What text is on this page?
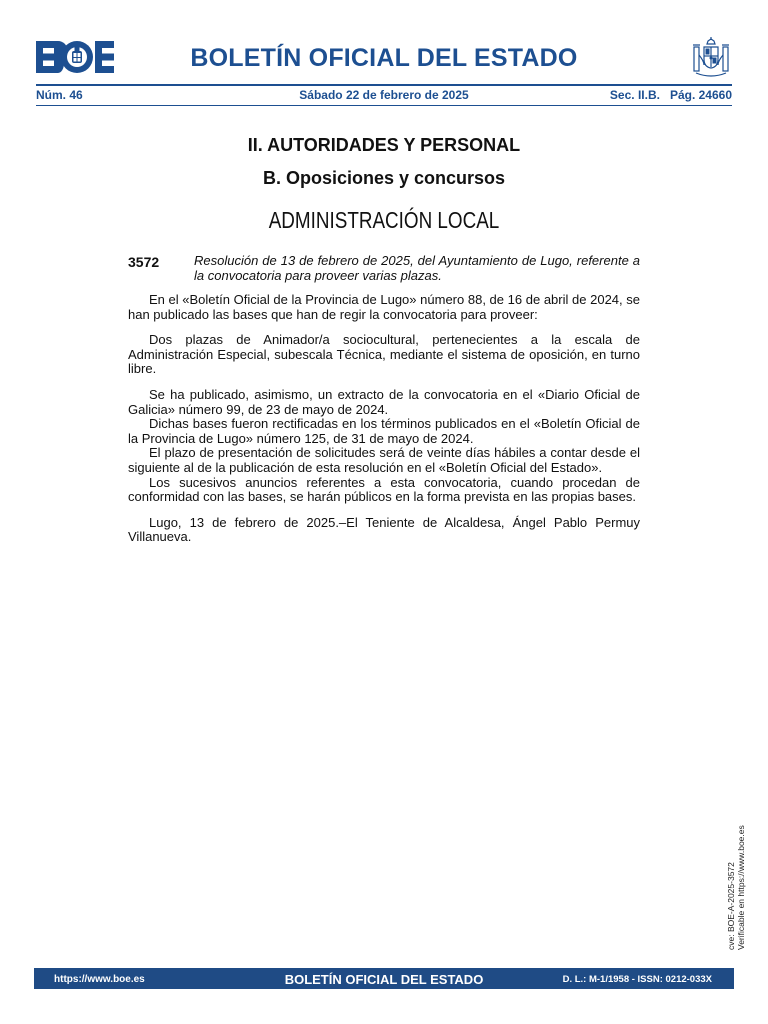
BOLETÍN OFICIAL DEL ESTADO
Núm. 46	Sábado 22 de febrero de 2025	Sec. II.B.   Pág. 24660
II. AUTORIDADES Y PERSONAL
B. Oposiciones y concursos
ADMINISTRACIÓN LOCAL
3572	Resolución de 13 de febrero de 2025, del Ayuntamiento de Lugo, referente a la convocatoria para proveer varias plazas.

En el «Boletín Oficial de la Provincia de Lugo» número 88, de 16 de abril de 2024, se han publicado las bases que han de regir la convocatoria para proveer:

Dos plazas de Animador/a sociocultural, pertenecientes a la escala de Administración Especial, subescala Técnica, mediante el sistema de oposición, en turno libre.

Se ha publicado, asimismo, un extracto de la convocatoria en el «Diario Oficial de Galicia» número 99, de 23 de mayo de 2024.

Dichas bases fueron rectificadas en los términos publicados en el «Boletín Oficial de la Provincia de Lugo» número 125, de 31 de mayo de 2024.

El plazo de presentación de solicitudes será de veinte días hábiles a contar desde el siguiente al de la publicación de esta resolución en el «Boletín Oficial del Estado».

Los sucesivos anuncios referentes a esta convocatoria, cuando procedan de conformidad con las bases, se harán públicos en la forma prevista en las propias bases.

Lugo, 13 de febrero de 2025.–El Teniente de Alcaldesa, Ángel Pablo Permuy Villanueva.

cve: BOE-A-2025-3572 Verificable en https://www.boe.es
https://www.boe.es	BOLETÍN OFICIAL DEL ESTADO	D. L.: M-1/1958 - ISSN: 0212-033X
